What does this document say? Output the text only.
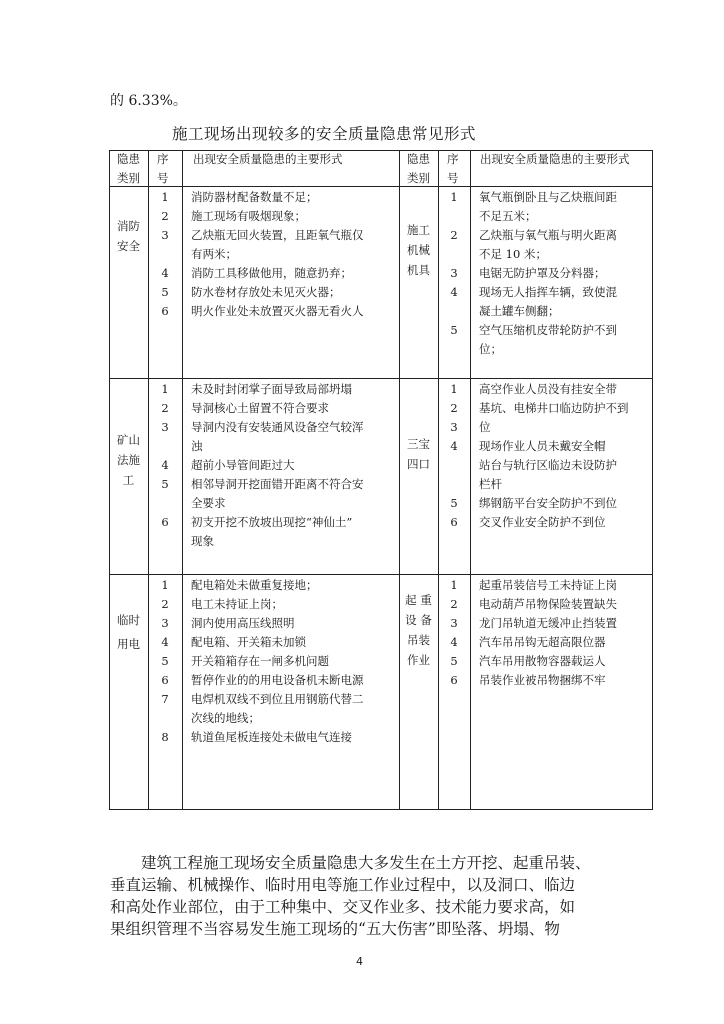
的 6.33%。
施工现场出现较多的安全质量隐患常见形式
隐患
类别
序
号
出现安全质量隐患的主要形式	隐患
类别
序
号
出现安全质量隐患的主要形式
消防
安全
1
2
3

4
5
6
消防器材配备数量不足；
施工现场有吸烟现象；
乙炔瓶无回火装置，且距氧气瓶仅
有两米；
消防工具移做他用，随意扔弃；
防水卷材存放处未见灭火器；
明火作业处未放置灭火器无看火人
施工
机械
机具
1

2

3
4

5

氧气瓶倒卧且与乙炔瓶间距
不足五米；
乙炔瓶与氧气瓶与明火距离
不足 10 米；
电锯无防护罩及分料器；
现场无人指挥车辆，致使混
凝土罐车侧翻；
空气压缩机皮带轮防护不到
位；
矿山
法施
工
1
2
3

4
5

6

未及时封闭掌子面导致局部坍塌
导洞核心土留置不符合要求
导洞内没有安装通风设备空气较浑
浊
超前小导管间距过大
相邻导洞开挖面错开距离不符合安
全要求
初支开挖不放坡出现挖“神仙土”
现象
三宝
四口
1
2
3
4

5
6
高空作业人员没有挂安全带
基坑、电梯井口临边防护不到
位
现场作业人员未戴安全帽
站台与轨行区临边未设防护
栏杆
绑钢筋平台安全防护不到位
交叉作业安全防护不到位
临时
用电
1
2
3
4
5
6
7

8
配电箱处未做重复接地；
电工未持证上岗；
洞内使用高压线照明
配电箱、开关箱未加锁
开关箱箱存在一闸多机问题
暂停作业的的用电设备机未断电源
电焊机双线不到位且用钢筋代替二
次线的地线；
轨道鱼尾板连接处未做电气连接
起 重
设 备
吊装
作业
1
2
3
4
5
6
起重吊装信号工未持证上岗
电动葫芦吊物保险装置缺失
龙门吊轨道无缓冲止挡装置
汽车吊吊钩无超高限位器
汽车吊用散物容器载运人
吊装作业被吊物捆绑不牢

建筑工程施工现场安全质量隐患大多发生在土方开挖、起重吊装、

垂直运输、机械操作、临时用电等施工作业过程中，以及洞口、临边

和高处作业部位，由于工种集中、交叉作业多、技术能力要求高，如

果组织管理不当容易发生施工现场的“五大伤害”即坠落、坍塌、物

4
